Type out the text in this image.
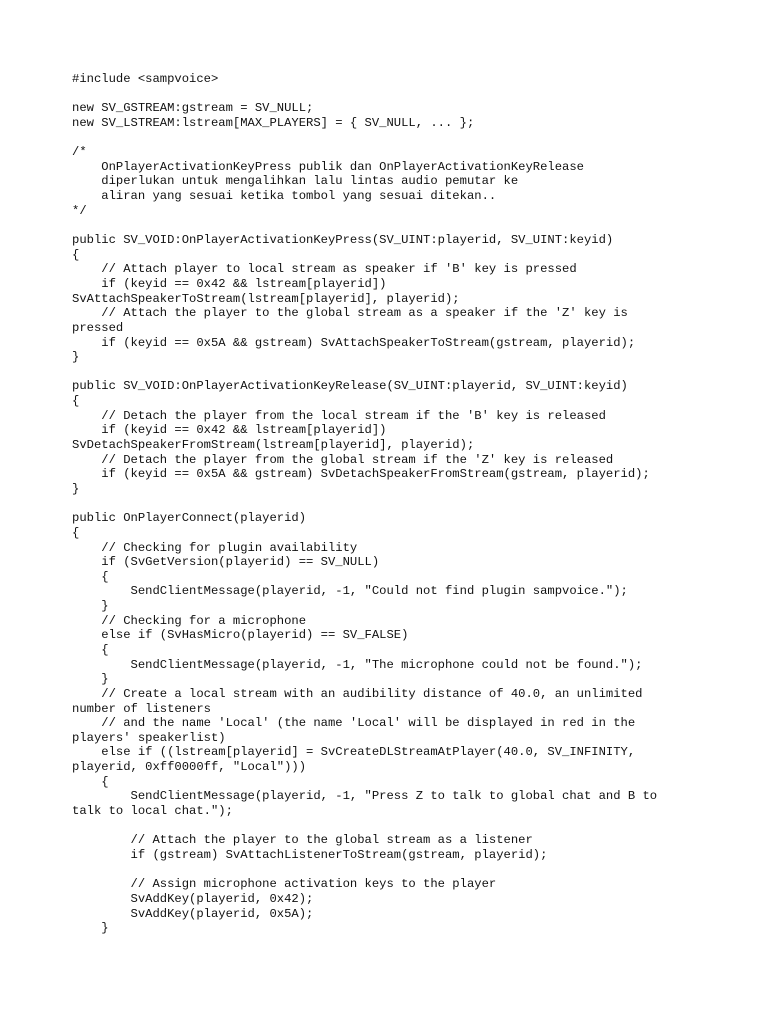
#include <sampvoice>
new SV_GSTREAM:gstream = SV_NULL;
new SV_LSTREAM:lstream[MAX_PLAYERS] = { SV_NULL, ... };
/*
OnPlayerActivationKeyPress publik dan OnPlayerActivationKeyRelease
diperlukan untuk mengalihkan lalu lintas audio pemutar ke
aliran yang sesuai ketika tombol yang sesuai ditekan..
*/
public SV_VOID:OnPlayerActivationKeyPress(SV_UINT:playerid, SV_UINT:keyid)
{
// Attach player to local stream as speaker if 'B' key is pressed
if (keyid == 0x42 && lstream[playerid])
SvAttachSpeakerToStream(lstream[playerid], playerid);
// Attach the player to the global stream as a speaker if the 'Z' key is
pressed
if (keyid == 0x5A && gstream) SvAttachSpeakerToStream(gstream, playerid);
}
public SV_VOID:OnPlayerActivationKeyRelease(SV_UINT:playerid, SV_UINT:keyid)
{
// Detach the player from the local stream if the 'B' key is released
if (keyid == 0x42 && lstream[playerid])
SvDetachSpeakerFromStream(lstream[playerid], playerid);
// Detach the player from the global stream if the 'Z' key is released
if (keyid == 0x5A && gstream) SvDetachSpeakerFromStream(gstream, playerid);
}
public OnPlayerConnect(playerid)
{
// Checking for plugin availability
if (SvGetVersion(playerid) == SV_NULL)
{
SendClientMessage(playerid, -1, "Could not find plugin sampvoice.");
}
// Checking for a microphone
else if (SvHasMicro(playerid) == SV_FALSE)
{
SendClientMessage(playerid, -1, "The microphone could not be found.");
}
// Create a local stream with an audibility distance of 40.0, an unlimited
number of listeners
// and the name 'Local' (the name 'Local' will be displayed in red in the
players' speakerlist)
else if ((lstream[playerid] = SvCreateDLStreamAtPlayer(40.0, SV_INFINITY,
playerid, 0xff0000ff, "Local")))
{
SendClientMessage(playerid, -1, "Press Z to talk to global chat and B to
talk to local chat.");
// Attach the player to the global stream as a listener
if (gstream) SvAttachListenerToStream(gstream, playerid);
// Assign microphone activation keys to the player
SvAddKey(playerid, 0x42);
SvAddKey(playerid, 0x5A);
}
